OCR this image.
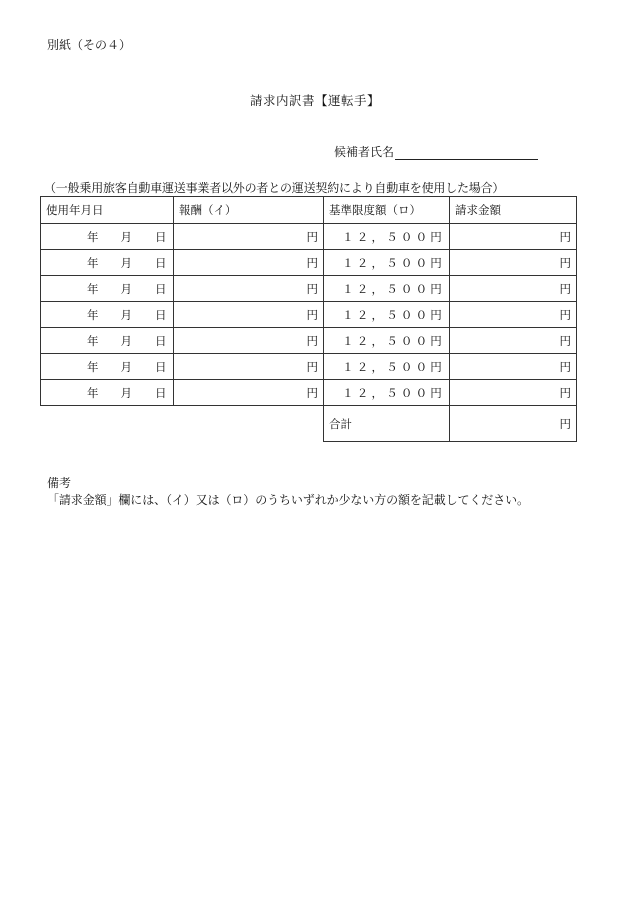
別紙（その４）
請求内訳書【運転手】
候補者氏名
（一般乗用旅客自動車運送事業者以外の者との運送契約により自動車を使用した場合）
使用年月日	報酬（イ）	基準限度額（ロ）	請求金額
年 月 日	円	１２，５００円	円
年 月 日	円	１２，５００円	円
年 月 日	円	１２，５００円	円
年 月 日	円	１２，５００円	円
年 月 日	円	１２，５００円	円
年 月 日	円	１２，５００円	円
年 月 日	円	１２，５００円	円
		合計	円
備考
「請求金額」欄には、（イ）又は（ロ）のうちいずれか少ない方の額を記載してください。
